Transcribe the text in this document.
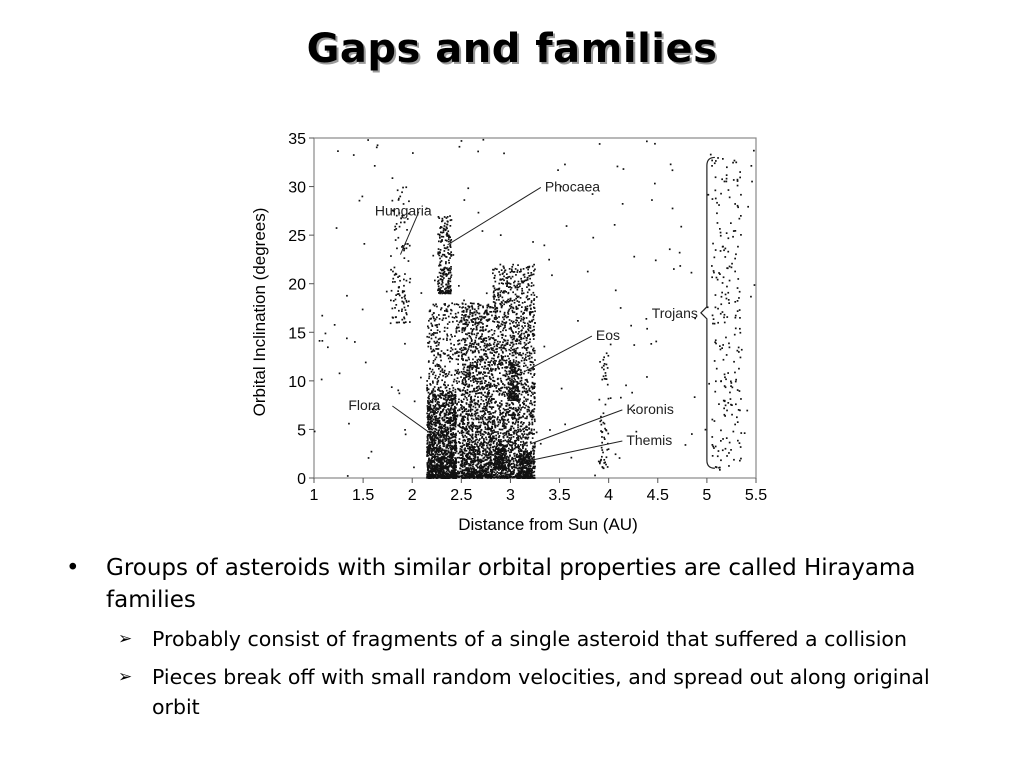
Gaps and families
1 1.5 2 2.5 3 3.5 4 4.5 5 5.5
0
5
10
15
20
25
30
35
Hungaria
Phocaea
Flora
Eos
Koronis
Themis
Trojans
Distance from Sun (AU)
Orbital Inclination (degrees)
• Groups of asteroids with similar orbital properties are called Hirayama families
➢ Probably consist of fragments of a single asteroid that suffered a collision
➢ Pieces break off with small random velocities, and spread out along original orbit
